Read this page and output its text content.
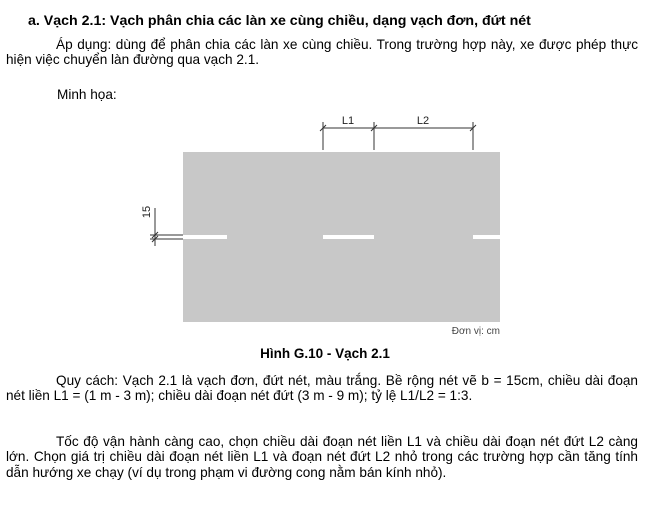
a. Vạch 2.1: Vạch phân chia các làn xe cùng chiều, dạng vạch đơn, đứt nét
Áp dụng: dùng để phân chia các làn xe cùng chiều. Trong trường hợp này, xe được phép thực hiện việc chuyển làn đường qua vạch 2.1.
Minh họa:
L1	L2
15
Đơn vị: cm
Hình G.10 - Vạch 2.1
Quy cách: Vạch 2.1 là vạch đơn, đứt nét, màu trắng. Bề rộng nét vẽ b = 15cm, chiều dài đoạn nét liền L1 = (1 m - 3 m); chiều dài đoạn nét đứt (3 m - 9 m); tỷ lệ L1/L2 = 1:3.
Tốc độ vận hành càng cao, chọn chiều dài đoạn nét liền L1 và chiều dài đoạn nét đứt L2 càng lớn. Chọn giá trị chiều dài đoạn nét liền L1 và đoạn nét đứt L2 nhỏ trong các trường hợp cần tăng tính dẫn hướng xe chạy (ví dụ trong phạm vi đường cong nằm bán kính nhỏ).
